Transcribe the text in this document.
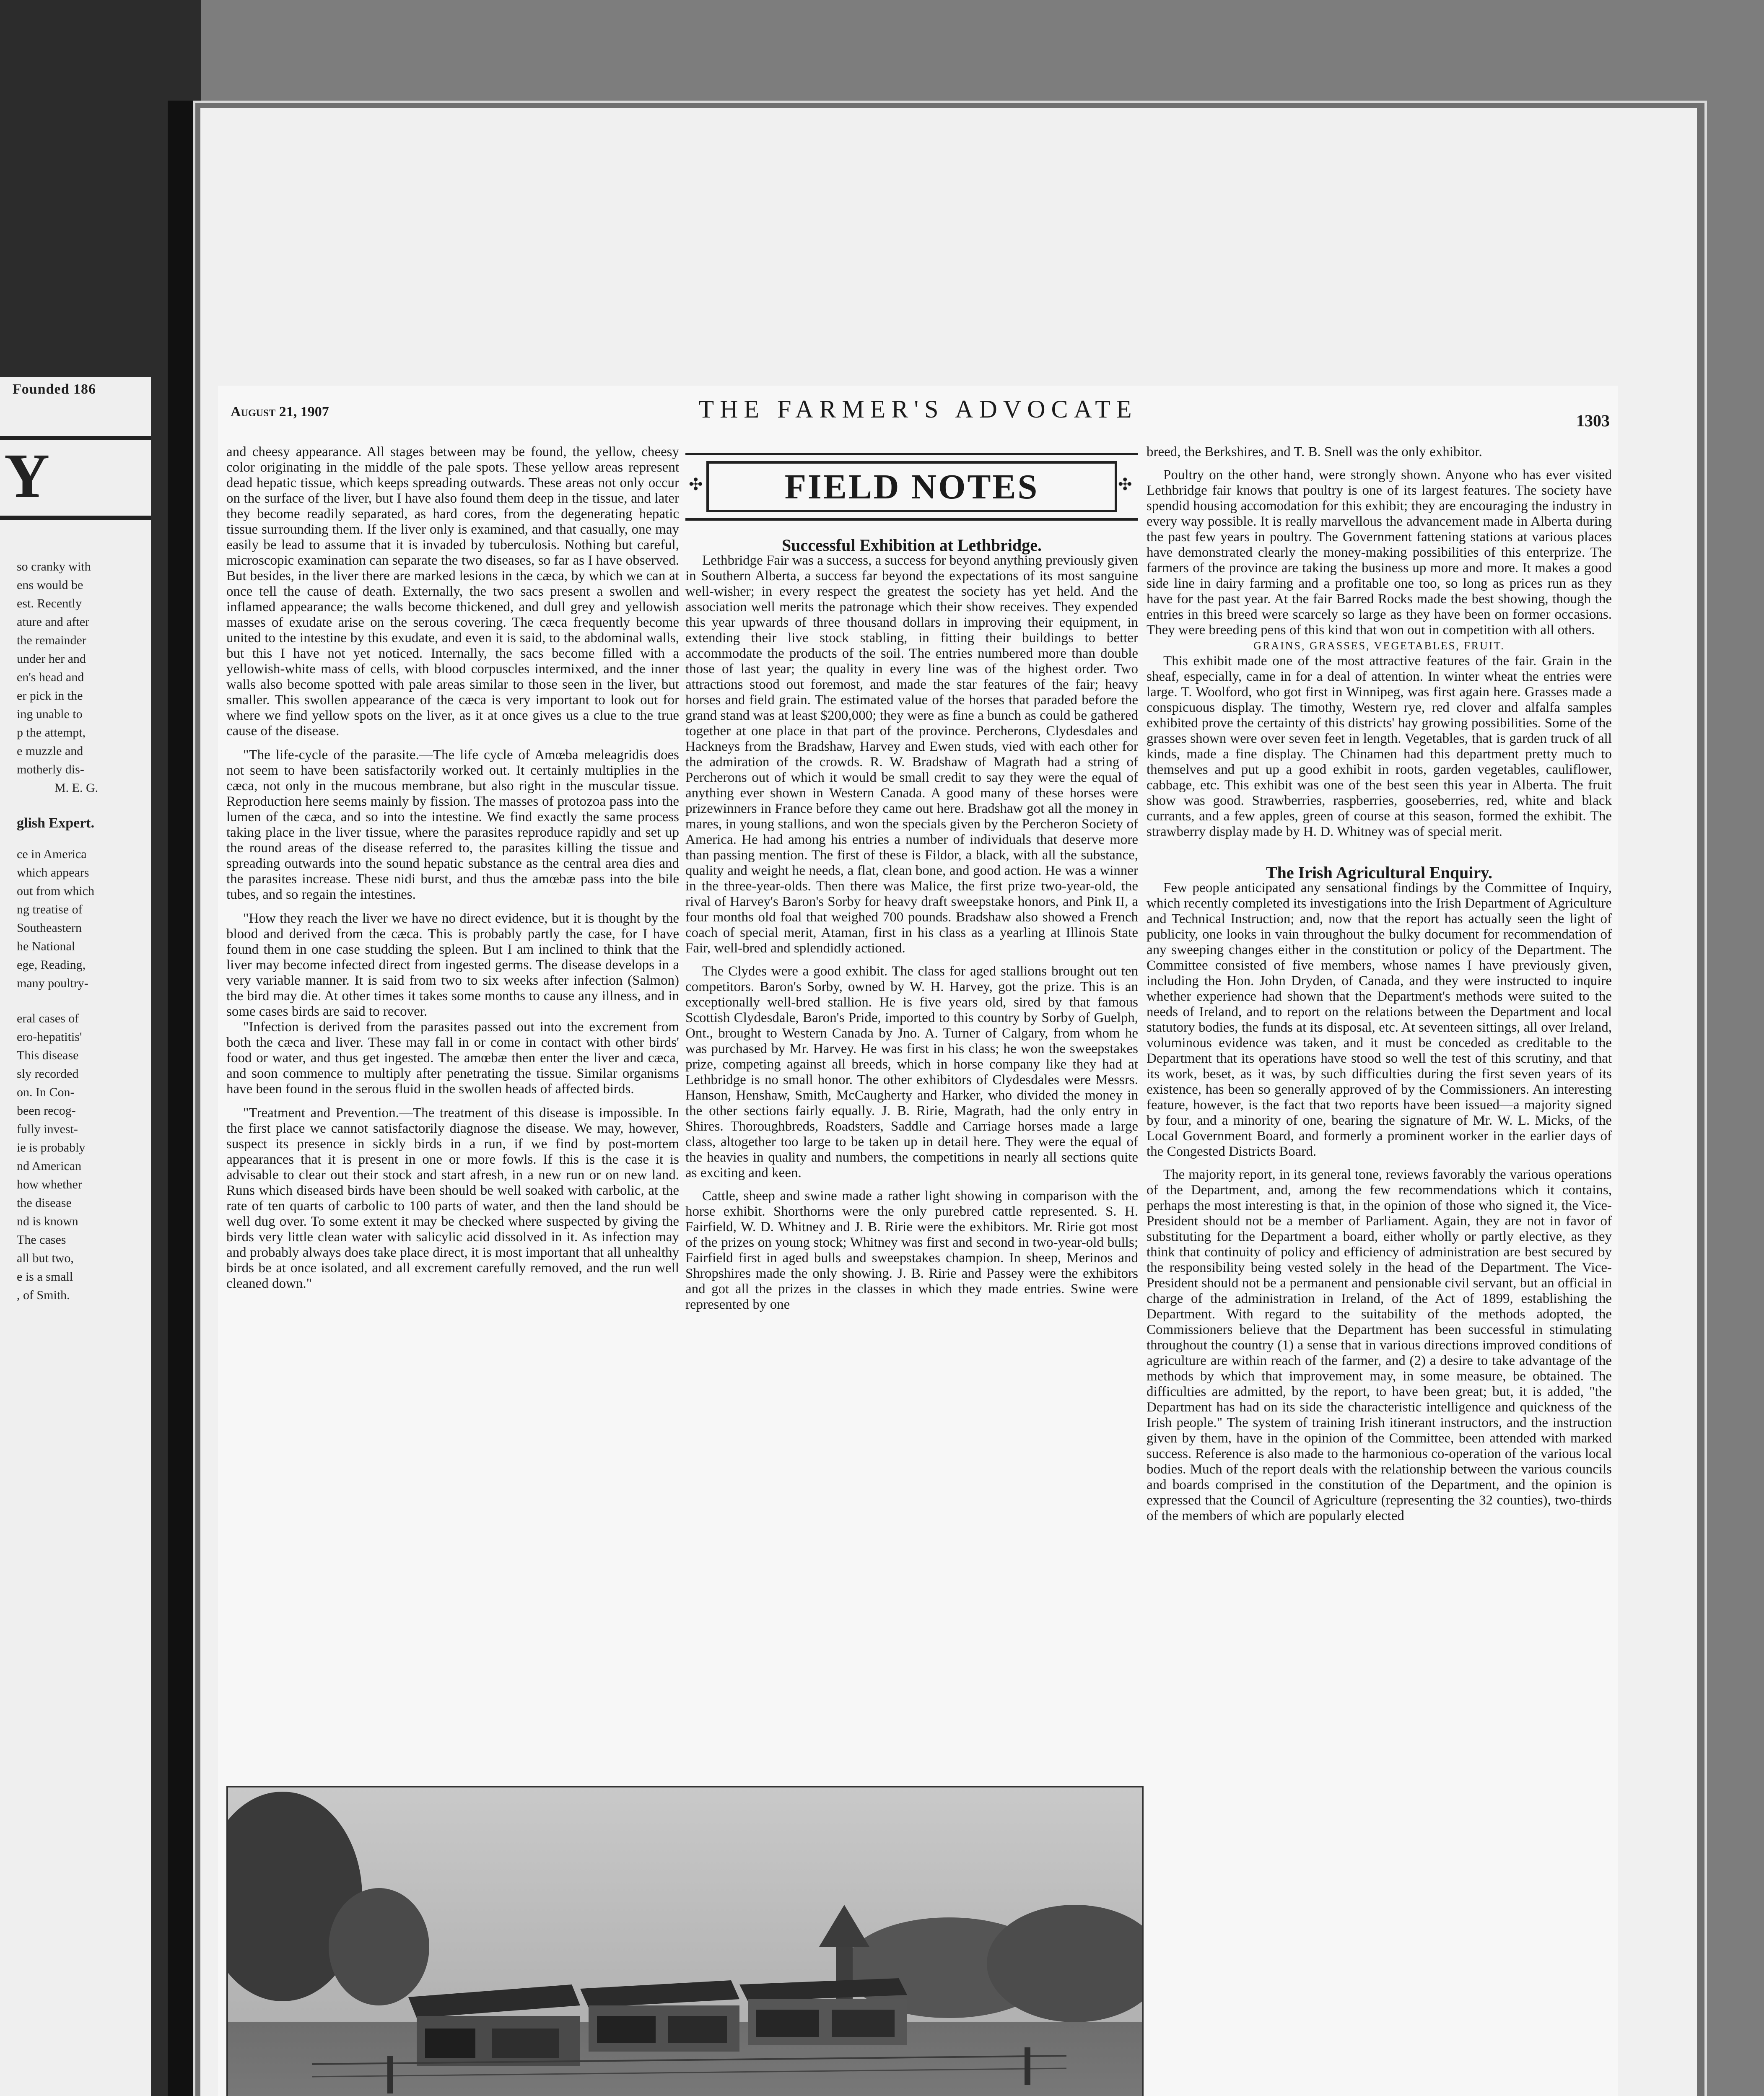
Founded 186
Y
so cranky with
ens would be
est. Recently
ature and after
the remainder
under her and
en's head and
er pick in the
ing unable to
p the attempt,
e muzzle and
motherly dis-
M. E. G.
glish Expert.
ce in America
which appears
out from which
ng treatise of
Southeastern
he National
ege, Reading,
many poultry-
eral cases of
ero-hepatitis'
This disease
sly recorded
on. In Con-
been recog-
fully invest-
ie is probably
nd American
how whether
the disease
nd is known
The cases
all but two,
e is a small
, of Smith.
August 21, 1907	THE FARMER'S ADVOCATE	1303

and cheesy appearance. All stages between may be found, the yellow, cheesy color originating in the middle of the pale spots. These yellow areas represent dead hepatic tissue, which keeps spreading outwards. These areas not only occur on the surface of the liver, but I have also found them deep in the tissue, and later they become readily separated, as hard cores, from the degenerating hepatic tissue surrounding them. If the liver only is examined, and that casually, one may easily be lead to assume that it is invaded by tuberculosis. Nothing but careful, microscopic examination can separate the two diseases, so far as I have observed. But besides, in the liver there are marked lesions in the cæca, by which we can at once tell the cause of death. Externally, the two sacs present a swollen and inflamed appearance; the walls become thickened, and dull grey and yellowish masses of exudate arise on the serous covering. The cæca frequently become united to the intestine by this exudate, and even it is said, to the abdominal walls, but this I have not yet noticed. Internally, the sacs become filled with a yellowish-white mass of cells, with blood corpuscles intermixed, and the inner walls also become spotted with pale areas similar to those seen in the liver, but smaller. This swollen appearance of the cæca is very important to look out for where we find yellow spots on the liver, as it at once gives us a clue to the true cause of the disease.

"The life-cycle of the parasite.—The life cycle of Amœba meleagridis does not seem to have been satisfactorily worked out. It certainly multiplies in the cæca, not only in the mucous membrane, but also right in the muscular tissue. Reproduction here seems mainly by fission. The masses of protozoa pass into the lumen of the cæca, and so into the intestine. We find exactly the same process taking place in the liver tissue, where the parasites reproduce rapidly and set up the round areas of the disease referred to, the parasites killing the tissue and spreading outwards into the sound hepatic substance as the central area dies and the parasites increase. These nidi burst, and thus the amœbæ pass into the bile tubes, and so regain the intestines.

"How they reach the liver we have no direct evidence, but it is thought by the blood and derived from the cæca. This is probably partly the case, for I have found them in one case studding the spleen. But I am inclined to think that the liver may become infected direct from ingested germs. The disease develops in a very variable manner. It is said from two to six weeks after infection (Salmon) the bird may die. At other times it takes some months to cause any illness, and in some cases birds are said to recover.

"Infection is derived from the parasites passed out into the excrement from both the cæca and liver. These may fall in or come in contact with other birds' food or water, and thus get ingested. The amœbæ then enter the liver and cæca, and soon commence to multiply after penetrating the tissue. Similar organisms have been found in the serous fluid in the swollen heads of affected birds.

"Treatment and Prevention.—The treatment of this disease is impossible. In the first place we cannot satisfactorily diagnose the disease. We may, however, suspect its presence in sickly birds in a run, if we find by post-mortem appearances that it is present in one or more fowls. If this is the case it is advisable to clear out their stock and start afresh, in a new run or on new land. Runs which diseased birds have been should be well soaked with carbolic, at the rate of ten quarts of carbolic to 100 parts of water, and then the land should be well dug over. To some extent it may be checked where suspected by giving the birds very little clean water with salicylic acid dissolved in it. As infection may and probably always does take place direct, it is most important that all unhealthy birds be at once isolated, and all excrement carefully removed, and the run well cleaned down."

✣	FIELD NOTES	✣

Successful Exhibition at Lethbridge.

Lethbridge Fair was a success, a success for beyond anything previously given in Southern Alberta, a success far beyond the expectations of its most sanguine well-wisher; in every respect the greatest the society has yet held. And the association well merits the patronage which their show receives. They expended this year upwards of three thousand dollars in improving their equipment, in extending their live stock stabling, in fitting their buildings to better accommodate the products of the soil. The entries numbered more than double those of last year; the quality in every line was of the highest order. Two attractions stood out foremost, and made the star features of the fair; heavy horses and field grain. The estimated value of the horses that paraded before the grand stand was at least $200,000; they were as fine a bunch as could be gathered together at one place in that part of the province. Percherons, Clydesdales and Hackneys from the Bradshaw, Harvey and Ewen studs, vied with each other for the admiration of the crowds. R. W. Bradshaw of Magrath had a string of Percherons out of which it would be small credit to say they were the equal of anything ever shown in Western Canada. A good many of these horses were prizewinners in France before they came out here. Bradshaw got all the money in mares, in young stallions, and won the specials given by the Percheron Society of America. He had among his entries a number of individuals that deserve more than passing mention. The first of these is Fildor, a black, with all the substance, quality and weight he needs, a flat, clean bone, and good action. He was a winner in the three-year-olds. Then there was Malice, the first prize two-year-old, the rival of Harvey's Baron's Sorby for heavy draft sweepstake honors, and Pink II, a four months old foal that weighed 700 pounds. Bradshaw also showed a French coach of special merit, Ataman, first in his class as a yearling at Illinois State Fair, well-bred and splendidly actioned.

The Clydes were a good exhibit. The class for aged stallions brought out ten competitors. Baron's Sorby, owned by W. H. Harvey, got the prize. This is an exceptionally well-bred stallion. He is five years old, sired by that famous Scottish Clydesdale, Baron's Pride, imported to this country by Sorby of Guelph, Ont., brought to Western Canada by Jno. A. Turner of Calgary, from whom he was purchased by Mr. Harvey. He was first in his class; he won the sweepstakes prize, competing against all breeds, which in horse company like they had at Lethbridge is no small honor. The other exhibitors of Clydesdales were Messrs. Hanson, Henshaw, Smith, McCaugherty and Harker, who divided the money in the other sections fairly equally. J. B. Ririe, Magrath, had the only entry in Shires. Thoroughbreds, Roadsters, Saddle and Carriage horses made a large class, altogether too large to be taken up in detail here. They were the equal of the heavies in quality and numbers, the competitions in nearly all sections quite as exciting and keen.

Cattle, sheep and swine made a rather light showing in comparison with the horse exhibit. Shorthorns were the only purebred cattle represented. S. H. Fairfield, W. D. Whitney and J. B. Ririe were the exhibitors. Mr. Ririe got most of the prizes on young stock; Whitney was first and second in two-year-old bulls; Fairfield first in aged bulls and sweepstakes champion. In sheep, Merinos and Shropshires made the only showing. J. B. Ririe and Passey were the exhibitors and got all the prizes in the classes in which they made entries. Swine were represented by one

breed, the Berkshires, and T. B. Snell was the only exhibitor.

Poultry on the other hand, were strongly shown. Anyone who has ever visited Lethbridge fair knows that poultry is one of its largest features. The society have spendid housing accomodation for this exhibit; they are encouraging the industry in every way possible. It is really marvellous the advancement made in Alberta during the past few years in poultry. The Government fattening stations at various places have demonstrated clearly the money-making possibilities of this enterprize. The farmers of the province are taking the business up more and more. It makes a good side line in dairy farming and a profitable one too, so long as prices run as they have for the past year. At the fair Barred Rocks made the best showing, though the entries in this breed were scarcely so large as they have been on former occasions. They were breeding pens of this kind that won out in competition with all others.

GRAINS, GRASSES, VEGETABLES, FRUIT.

This exhibit made one of the most attractive features of the fair. Grain in the sheaf, especially, came in for a deal of attention. In winter wheat the entries were large. T. Woolford, who got first in Winnipeg, was first again here. Grasses made a conspicuous display. The timothy, Western rye, red clover and alfalfa samples exhibited prove the certainty of this districts' hay growing possibilities. Some of the grasses shown were over seven feet in length. Vegetables, that is garden truck of all kinds, made a fine display. The Chinamen had this department pretty much to themselves and put up a good exhibit in roots, garden vegetables, cauliflower, cabbage, etc. This exhibit was one of the best seen this year in Alberta. The fruit show was good. Strawberries, raspberries, gooseberries, red, white and black currants, and a few apples, green of course at this season, formed the exhibit. The strawberry display made by H. D. Whitney was of special merit.

The Irish Agricultural Enquiry.

Few people anticipated any sensational findings by the Committee of Inquiry, which recently completed its investigations into the Irish Department of Agriculture and Technical Instruction; and, now that the report has actually seen the light of publicity, one looks in vain throughout the bulky document for recommendation of any sweeping changes either in the constitution or policy of the Department. The Committee consisted of five members, whose names I have previously given, including the Hon. John Dryden, of Canada, and they were instructed to inquire whether experience had shown that the Department's methods were suited to the needs of Ireland, and to report on the relations between the Department and local statutory bodies, the funds at its disposal, etc. At seventeen sittings, all over Ireland, voluminous evidence was taken, and it must be conceded as creditable to the Department that its operations have stood so well the test of this scrutiny, and that its work, beset, as it was, by such difficulties during the first seven years of its existence, has been so generally approved of by the Commissioners. An interesting feature, however, is the fact that two reports have been issued—a majority signed by four, and a minority of one, bearing the signature of Mr. W. L. Micks, of the Local Government Board, and formerly a prominent worker in the earlier days of the Congested Districts Board.

The majority report, in its general tone, reviews favorably the various operations of the Department, and, among the few recommendations which it contains, perhaps the most interesting is that, in the opinion of those who signed it, the Vice-President should not be a member of Parliament. Again, they are not in favor of substituting for the Department a board, either wholly or partly elective, as they think that continuity of policy and efficiency of administration are best secured by the responsibility being vested solely in the head of the Department. The Vice-President should not be a permanent and pensionable civil servant, but an official in charge of the administration in Ireland, of the Act of 1899, establishing the Department. With regard to the suitability of the methods adopted, the Commissioners believe that the Department has been successful in stimulating throughout the country (1) a sense that in various directions improved conditions of agriculture are within reach of the farmer, and (2) a desire to take advantage of the methods by which that improvement may, in some measure, be obtained. The difficulties are admitted, by the report, to have been great; but, it is added, "the Department has had on its side the characteristic intelligence and quickness of the Irish people." The system of training Irish itinerant instructors, and the instruction given by them, have in the opinion of the Committee, been attended with marked success. Reference is also made to the harmonious co-operation of the various local bodies. Much of the report deals with the relationship between the various councils and boards comprised in the constitution of the Department, and the opinion is expressed that the Council of Agriculture (representing the 32 counties), two-thirds of the members of which are popularly elected
